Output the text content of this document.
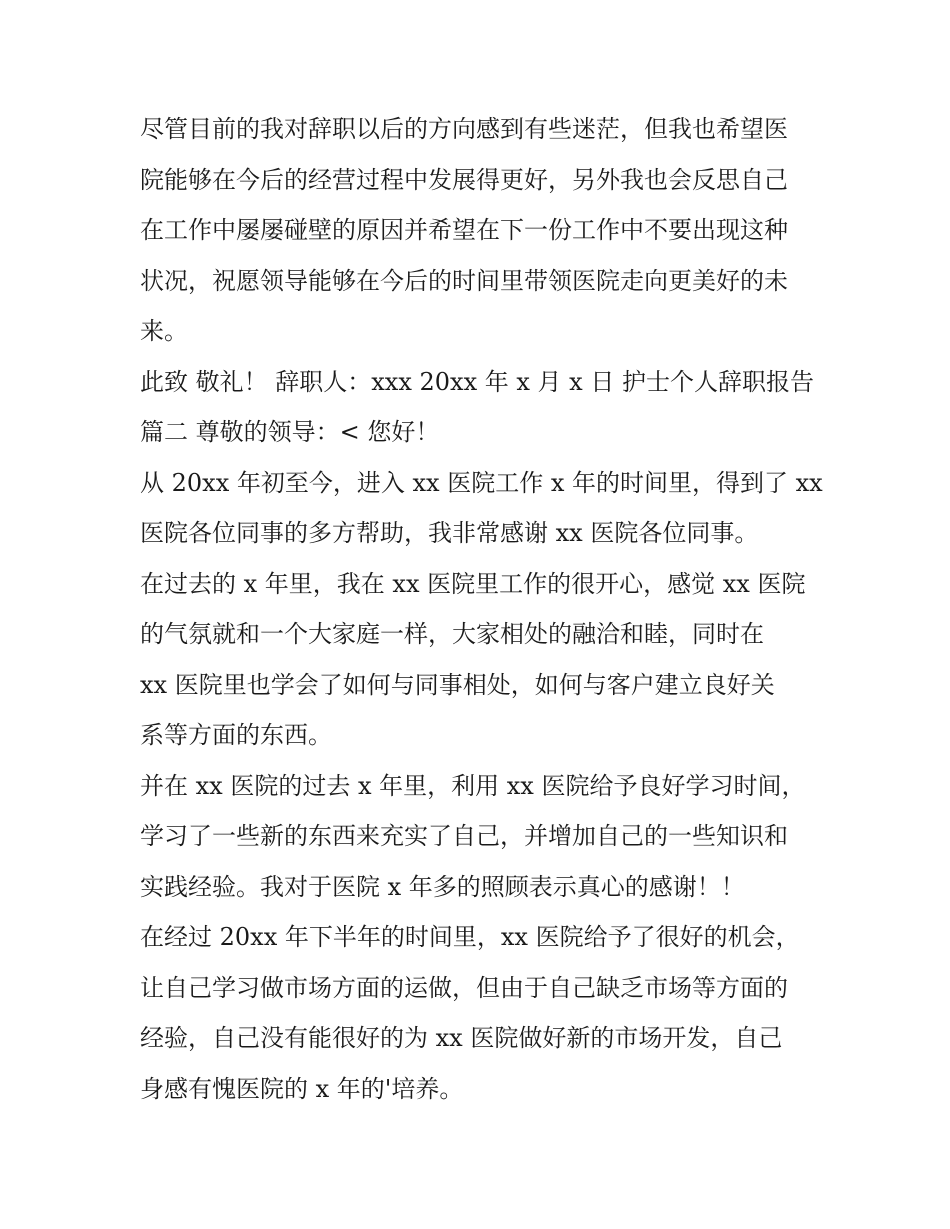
尽管目前的我对辞职以后的方向感到有些迷茫，但我也希望医
院能够在今后的经营过程中发展得更好，另外我也会反思自己
在工作中屡屡碰壁的原因并希望在下一份工作中不要出现这种
状况，祝愿领导能够在今后的时间里带领医院走向更美好的未
来。
此致 敬礼！ 辞职人：xxx 20xx 年 x 月 x 日 护士个人辞职报告
篇二 尊敬的领导：< 您好！
从 20xx 年初至今，进入 xx 医院工作 x 年的时间里，得到了 xx
医院各位同事的多方帮助，我非常感谢 xx 医院各位同事。
在过去的 x 年里，我在 xx 医院里工作的很开心，感觉 xx 医院
的气氛就和一个大家庭一样，大家相处的融洽和睦，同时在
xx 医院里也学会了如何与同事相处，如何与客户建立良好关
系等方面的东西。
并在 xx 医院的过去 x 年里，利用 xx 医院给予良好学习时间，
学习了一些新的东西来充实了自己，并增加自己的一些知识和
实践经验。我对于医院 x 年多的照顾表示真心的感谢！！
在经过 20xx 年下半年的时间里，xx 医院给予了很好的机会，
让自己学习做市场方面的运做，但由于自己缺乏市场等方面的
经验，自己没有能很好的为 xx 医院做好新的市场开发，自己
身感有愧医院的 x 年的'培养。
